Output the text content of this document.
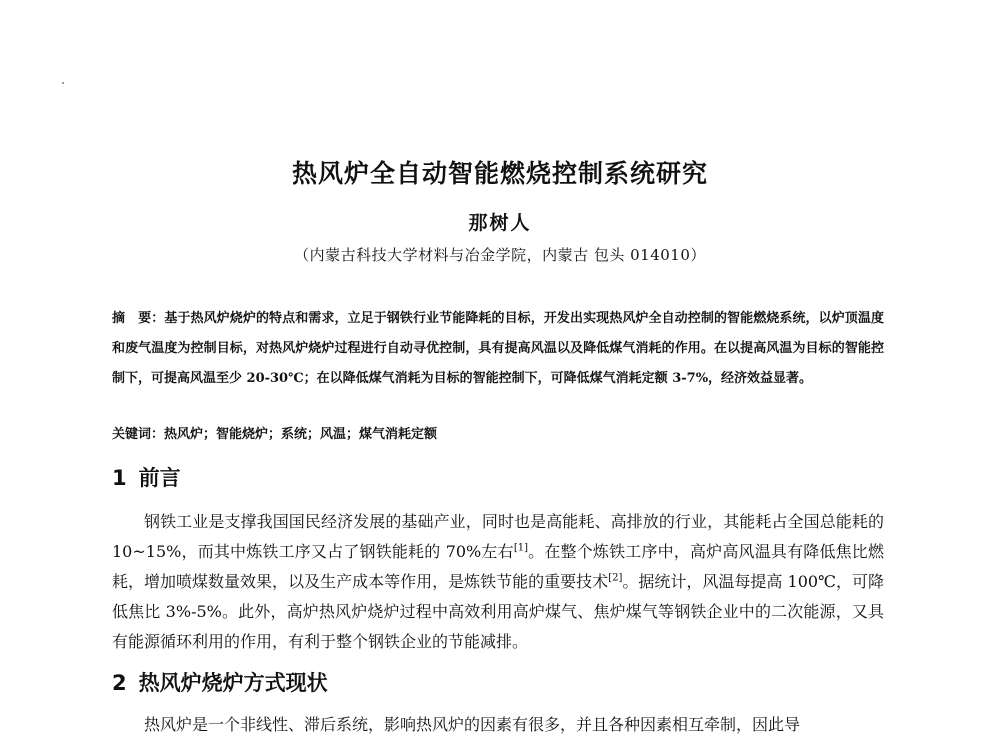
热风炉全自动智能燃烧控制系统研究
那树人
（内蒙古科技大学材料与冶金学院，内蒙古 包头 014010）
摘　要：基于热风炉烧炉的特点和需求，立足于钢铁行业节能降耗的目标，开发出实现热风炉全自动控制的智能燃烧系统，以炉顶温度和废气温度为控制目标，对热风炉烧炉过程进行自动寻优控制，具有提高风温以及降低煤气消耗的作用。在以提高风温为目标的智能控制下，可提高风温至少 20-30℃；在以降低煤气消耗为目标的智能控制下，可降低煤气消耗定额 3-7%，经济效益显著。
关键词：热风炉；智能烧炉；系统；风温；煤气消耗定额
1 前言
钢铁工业是支撑我国国民经济发展的基础产业，同时也是高能耗、高排放的行业，其能耗占全国总能耗的 10~15%，而其中炼铁工序又占了钢铁能耗的 70%左右[1]。在整个炼铁工序中，高炉高风温具有降低焦比燃耗，增加喷煤数量效果，以及生产成本等作用，是炼铁节能的重要技术[2]。据统计，风温每提高 100℃，可降低焦比 3%-5%。此外，高炉热风炉烧炉过程中高效利用高炉煤气、焦炉煤气等钢铁企业中的二次能源，又具有能源循环利用的作用，有利于整个钢铁企业的节能减排。
2 热风炉烧炉方式现状
热风炉是一个非线性、滞后系统，影响热风炉的因素有很多，并且各种因素相互牵制，因此导
